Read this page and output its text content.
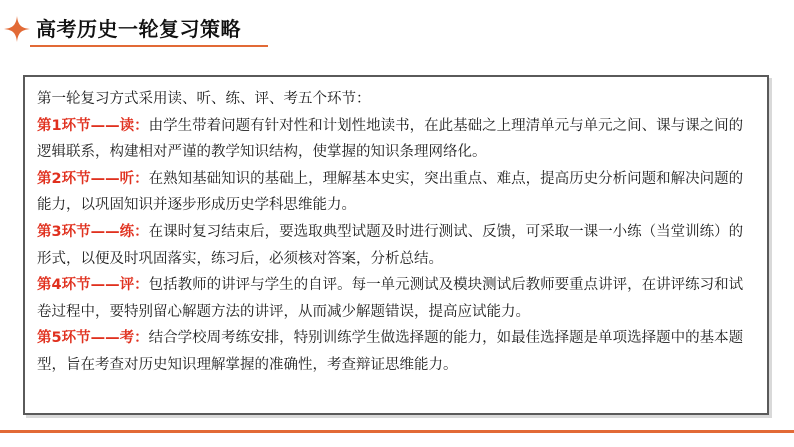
高考历史一轮复习策略

第一轮复习方式采用读、听、练、评、考五个环节：

第1环节——读：由学生带着问题有针对性和计划性地读书，在此基础之上理清单元与单元之间、课与课之间的逻辑联系，构建相对严谨的教学知识结构，使掌握的知识条理网络化。

第2环节——听：在熟知基础知识的基础上，理解基本史实，突出重点、难点，提高历史分析问题和解决问题的能力，以巩固知识并逐步形成历史学科思维能力。

第3环节——练：在课时复习结束后，要选取典型试题及时进行测试、反馈，可采取一课一小练（当堂训练）的形式，以便及时巩固落实，练习后，必须核对答案，分析总结。

第4环节——评：包括教师的讲评与学生的自评。每一单元测试及模块测试后教师要重点讲评，在讲评练习和试卷过程中，要特别留心解题方法的讲评，从而减少解题错误，提高应试能力。

第5环节——考：结合学校周考练安排，特别训练学生做选择题的能力，如最佳选择题是单项选择题中的基本题型，旨在考查对历史知识理解掌握的准确性，考查辩证思维能力。
